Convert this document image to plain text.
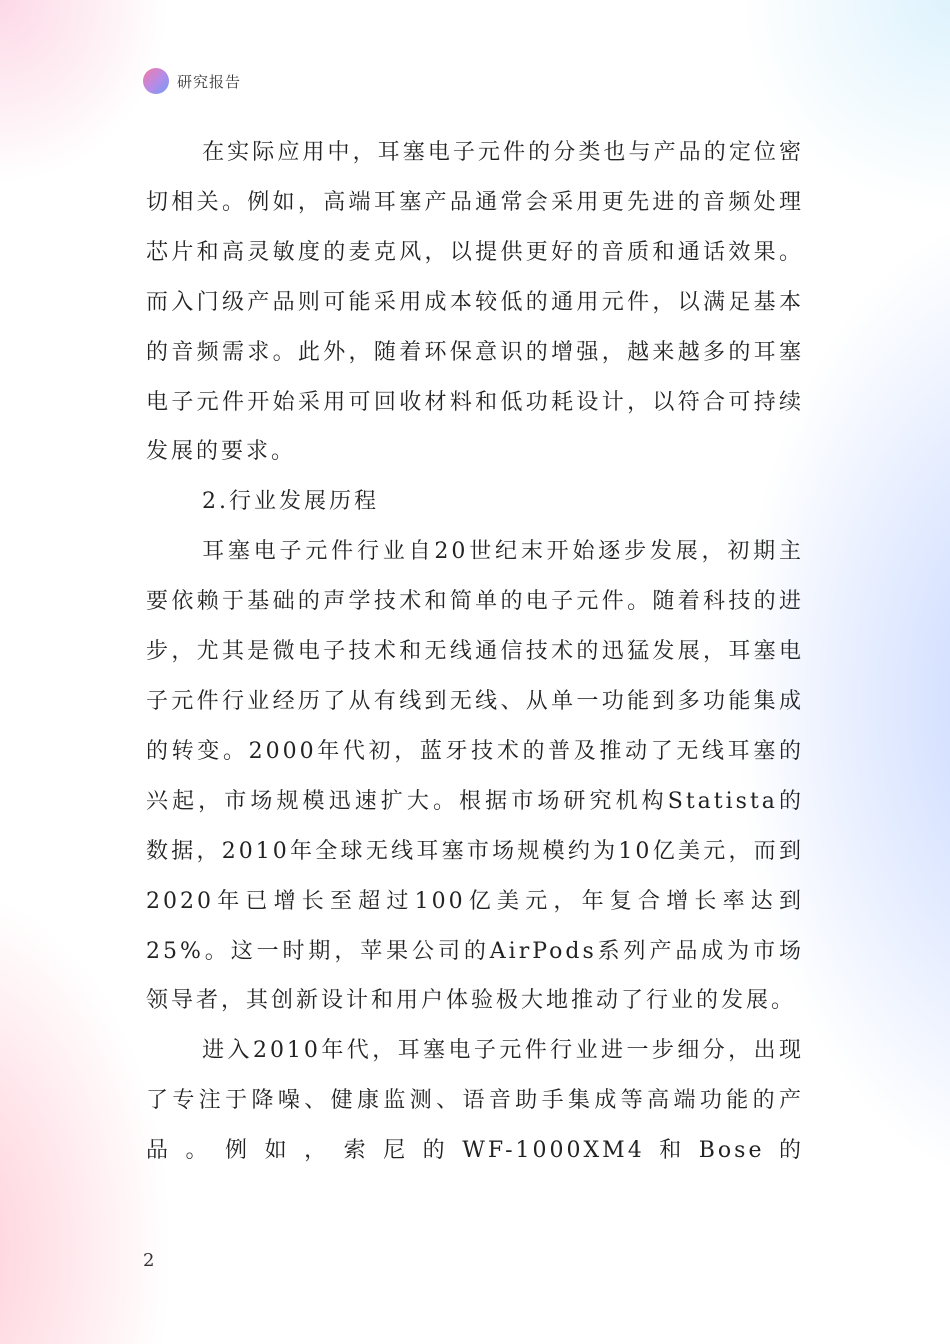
研究报告

在实际应用中，耳塞电子元件的分类也与产品的定位密切相关。例如，高端耳塞产品通常会采用更先进的音频处理芯片和高灵敏度的麦克风，以提供更好的音质和通话效果。而入门级产品则可能采用成本较低的通用元件，以满足基本的音频需求。此外，随着环保意识的增强，越来越多的耳塞电子元件开始采用可回收材料和低功耗设计，以符合可持续发展的要求。

2.行业发展历程

耳塞电子元件行业自20世纪末开始逐步发展，初期主要依赖于基础的声学技术和简单的电子元件。随着科技的进步，尤其是微电子技术和无线通信技术的迅猛发展，耳塞电子元件行业经历了从有线到无线、从单一功能到多功能集成的转变。2000年代初，蓝牙技术的普及推动了无线耳塞的兴起，市场规模迅速扩大。根据市场研究机构Statista的数据，2010年全球无线耳塞市场规模约为10亿美元，而到2020年已增长至超过100亿美元，年复合增长率达到25%。这一时期，苹果公司的AirPods系列产品成为市场领导者，其创新设计和用户体验极大地推动了行业的发展。

进入2010年代，耳塞电子元件行业进一步细分，出现了专注于降噪、健康监测、语音助手集成等高端功能的产品。例如，索尼的WF-1000XM4和Bose的

2
